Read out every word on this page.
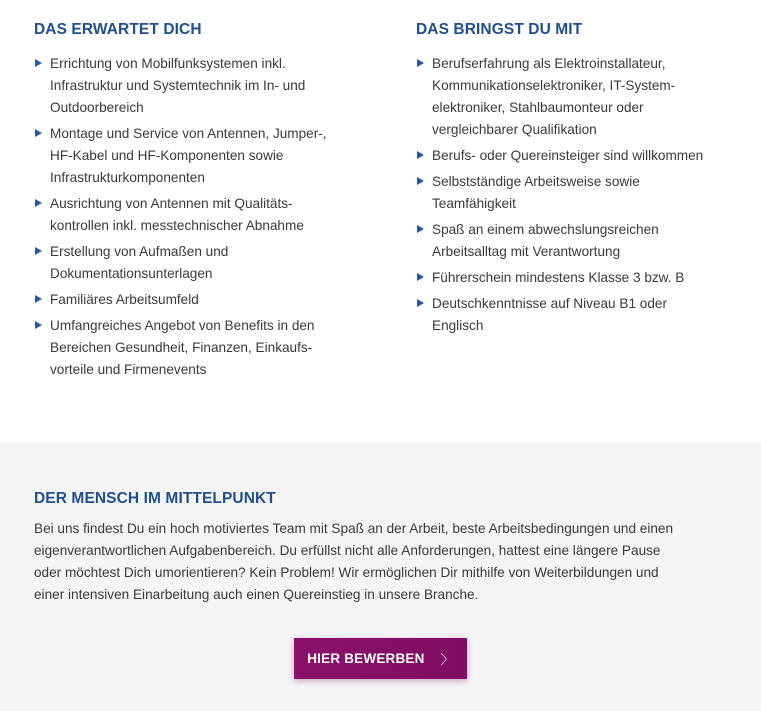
DAS ERWARTET DICH
Errichtung von Mobilfunksystemen inkl.
Infrastruktur und Systemtechnik im In- und
Outdoorbereich
Montage und Service von Antennen, Jumper-,
HF-Kabel und HF-Komponenten sowie
Infrastrukturkomponenten
Ausrichtung von Antennen mit Qualitäts-
kontrollen inkl. messtechnischer Abnahme
Erstellung von Aufmaßen und
Dokumentationsunterlagen
Familiäres Arbeitsumfeld
Umfangreiches Angebot von Benefits in den
Bereichen Gesundheit, Finanzen, Einkaufs-
vorteile und Firmenevents
DAS BRINGST DU MIT
Berufserfahrung als Elektroinstallateur,
Kommunikationselektroniker, IT-System-
elektroniker, Stahlbaumonteur oder
vergleichbarer Qualifikation
Berufs- oder Quereinsteiger sind willkommen
Selbstständige Arbeitsweise sowie
Teamfähigkeit
Spaß an einem abwechslungsreichen
Arbeitsalltag mit Verantwortung
Führerschein mindestens Klasse 3 bzw. B
Deutschkenntnisse auf Niveau B1 oder
Englisch
DER MENSCH IM MITTELPUNKT

Bei uns findest Du ein hoch motiviertes Team mit Spaß an der Arbeit, beste Arbeitsbedingungen und einen
eigenverantwortlichen Aufgabenbereich. Du erfüllst nicht alle Anforderungen, hattest eine längere Pause
oder möchtest Dich umorientieren? Kein Problem! Wir ermöglichen Dir mithilfe von Weiterbildungen und
einer intensiven Einarbeitung auch einen Quereinstieg in unsere Branche.

HIER BEWERBEN 〉
